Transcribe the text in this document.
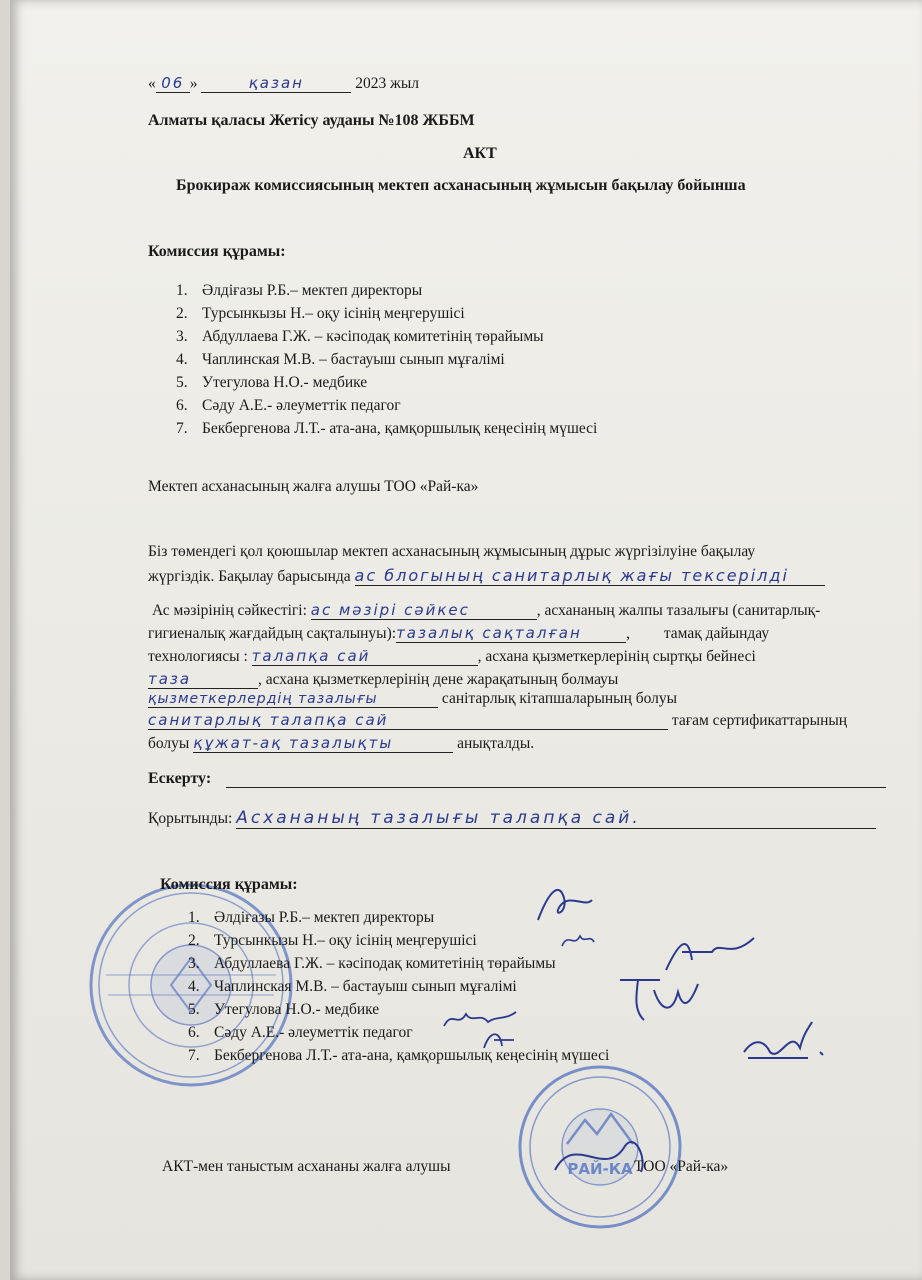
« 06 »	қазан	2023 жыл
Алматы қаласы Жетісу ауданы №108 ЖББМ
АКТ
Брокираж комиссиясының мектеп асханасының жұмысын бақылау бойынша
Комиссия құрамы:
1. Әлдіғазы Р.Б.– мектеп директоры
2. Турсынкызы Н.– оқу ісінің меңгерушісі
3. Абдуллаева Г.Ж. – кәсіподақ комитетінің төрайымы
4. Чаплинская М.В. – бастауыш сынып мұғалімі
5. Утегулова Н.О.- медбике
6. Сәду А.Е.- әлеуметтік педагог
7. Бекбергенова Л.Т.- ата-ана, қамқоршылық кеңесінің мүшесі
Мектеп асханасының жалға алушы ТОО «Рай-ка»
Біз төмендегі қол қоюшылар мектеп асханасының жұмысының дұрыс жүргізілуіне бақылау
жүргіздік. Бақылау барысында ас блогының санитарлық жағы тексерілді
Ас мәзірінің сәйкестігі: ас мәзірі сәйкес	, асхананың жалпы тазалығы (санитарлық-
гигиеналық жағдайдың сақталынуы):тазалық сақталған	, тамақ дайындау
технологиясы : талапқа сай	, асхана қызметкерлерінің сыртқы бейнесі
таза	, асхана қызметкерлерінің дене жарақатының болмауы
қызметкерлердің тазалығы	санітарлық кітапшаларының болуы
санитарлық талапқа сай	тағам сертификаттарының
болуы құжат-ақ тазалықты	анықталды.
Ескерту:
Қорытынды: Асхананың тазалығы талапқа сай.
Комиссия құрамы:
1. Әлдіғазы Р.Б.– мектеп директоры
2. Турсынкызы Н.– оқу ісінің меңгерушісі
3. Абдуллаева Г.Ж. – кәсіподақ комитетінің төрайымы
4. Чаплинская М.В. – бастауыш сынып мұғалімі
5. Утегулова Н.О.- медбике
6. Сәду А.Е.- әлеуметтік педагог
7. Бекбергенова Л.Т.- ата-ана, қамқоршылық кеңесінің мүшесі
РАЙ-КА
АКТ-мен таныстым асхананы жалға алушы	ТОО «Рай-ка»
